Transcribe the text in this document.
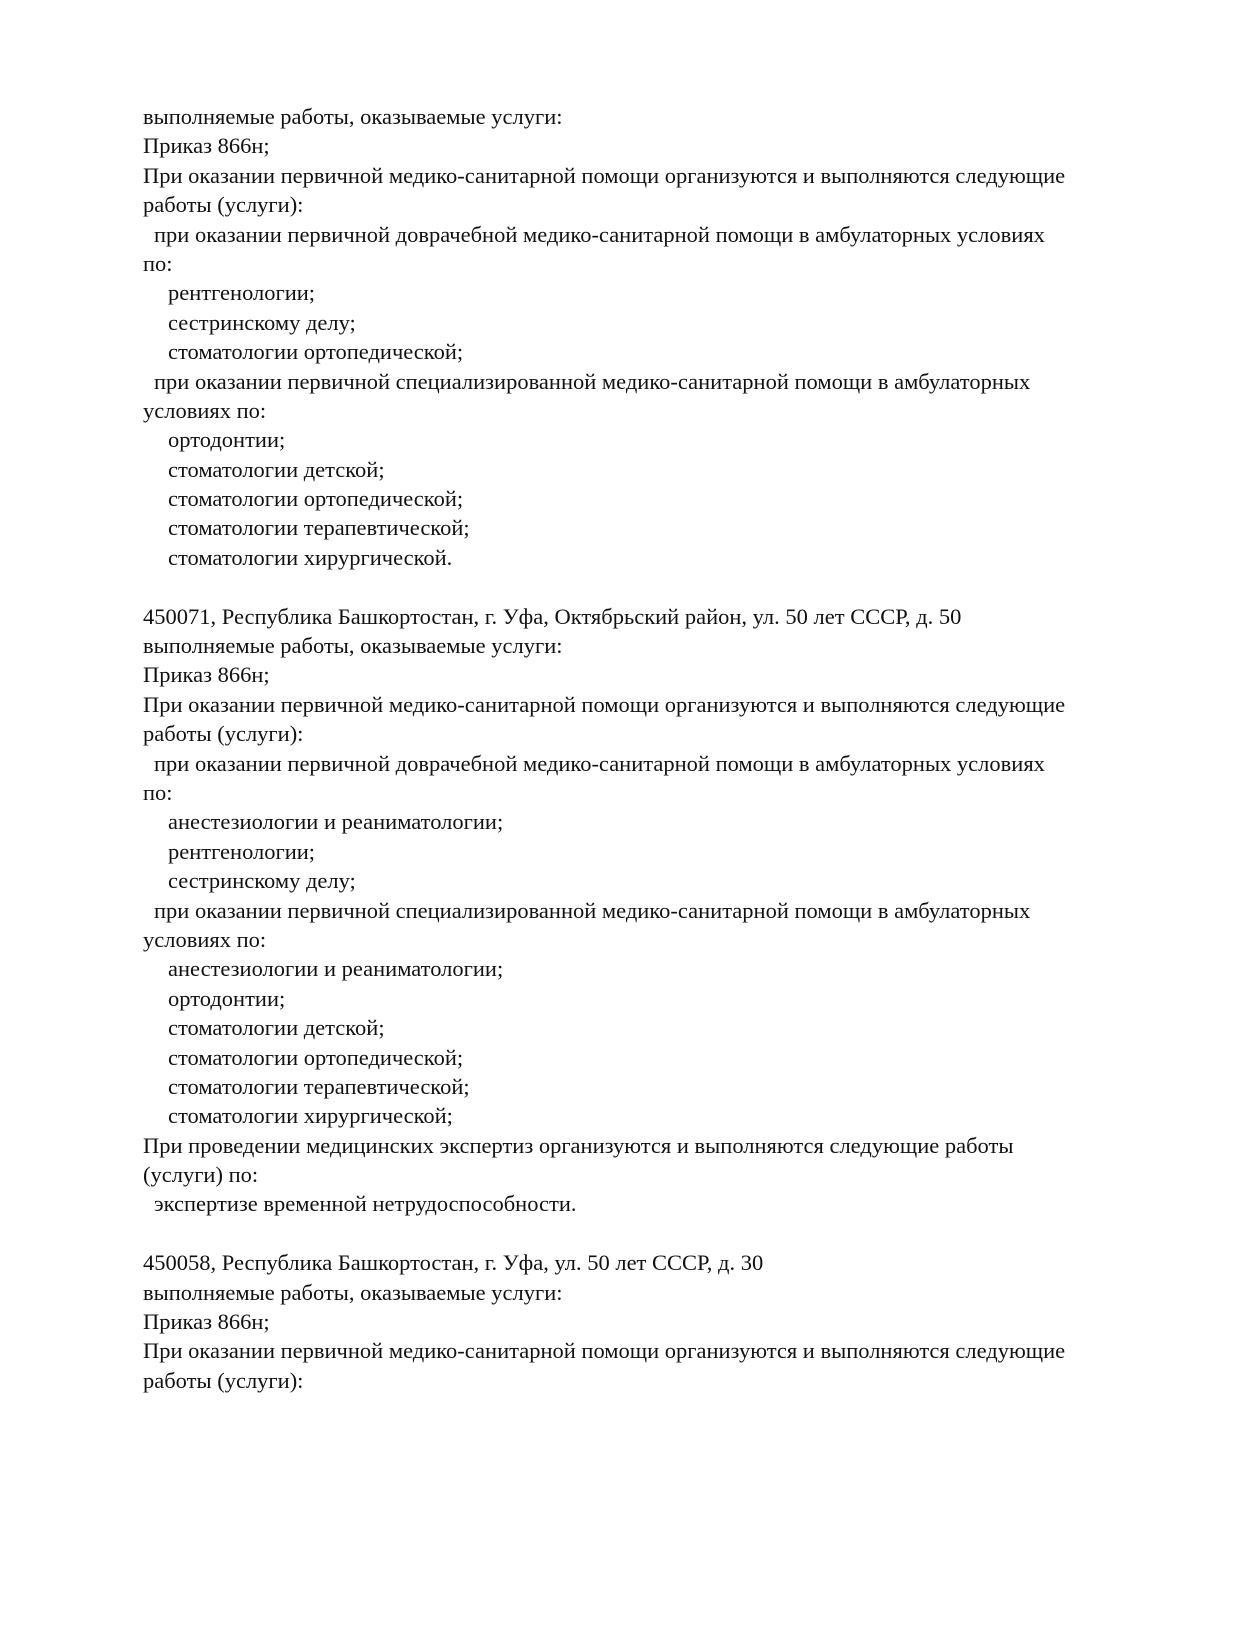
выполняемые работы, оказываемые услуги:
Приказ 866н;
При оказании первичной медико-санитарной помощи организуются и выполняются следующие
работы (услуги):
при оказании первичной доврачебной медико-санитарной помощи в амбулаторных условиях
по:
рентгенологии;
сестринскому делу;
стоматологии ортопедической;
при оказании первичной специализированной медико-санитарной помощи в амбулаторных
условиях по:
ортодонтии;
стоматологии детской;
стоматологии ортопедической;
стоматологии терапевтической;
стоматологии хирургической.
450071, Республика Башкортостан, г. Уфа, Октябрьский район, ул. 50 лет СССР, д. 50
выполняемые работы, оказываемые услуги:
Приказ 866н;
При оказании первичной медико-санитарной помощи организуются и выполняются следующие
работы (услуги):
при оказании первичной доврачебной медико-санитарной помощи в амбулаторных условиях
по:
анестезиологии и реаниматологии;
рентгенологии;
сестринскому делу;
при оказании первичной специализированной медико-санитарной помощи в амбулаторных
условиях по:
анестезиологии и реаниматологии;
ортодонтии;
стоматологии детской;
стоматологии ортопедической;
стоматологии терапевтической;
стоматологии хирургической;
При проведении медицинских экспертиз организуются и выполняются следующие работы
(услуги) по:
экспертизе временной нетрудоспособности.
450058, Республика Башкортостан, г. Уфа, ул. 50 лет СССР, д. 30
выполняемые работы, оказываемые услуги:
Приказ 866н;
При оказании первичной медико-санитарной помощи организуются и выполняются следующие
работы (услуги):
